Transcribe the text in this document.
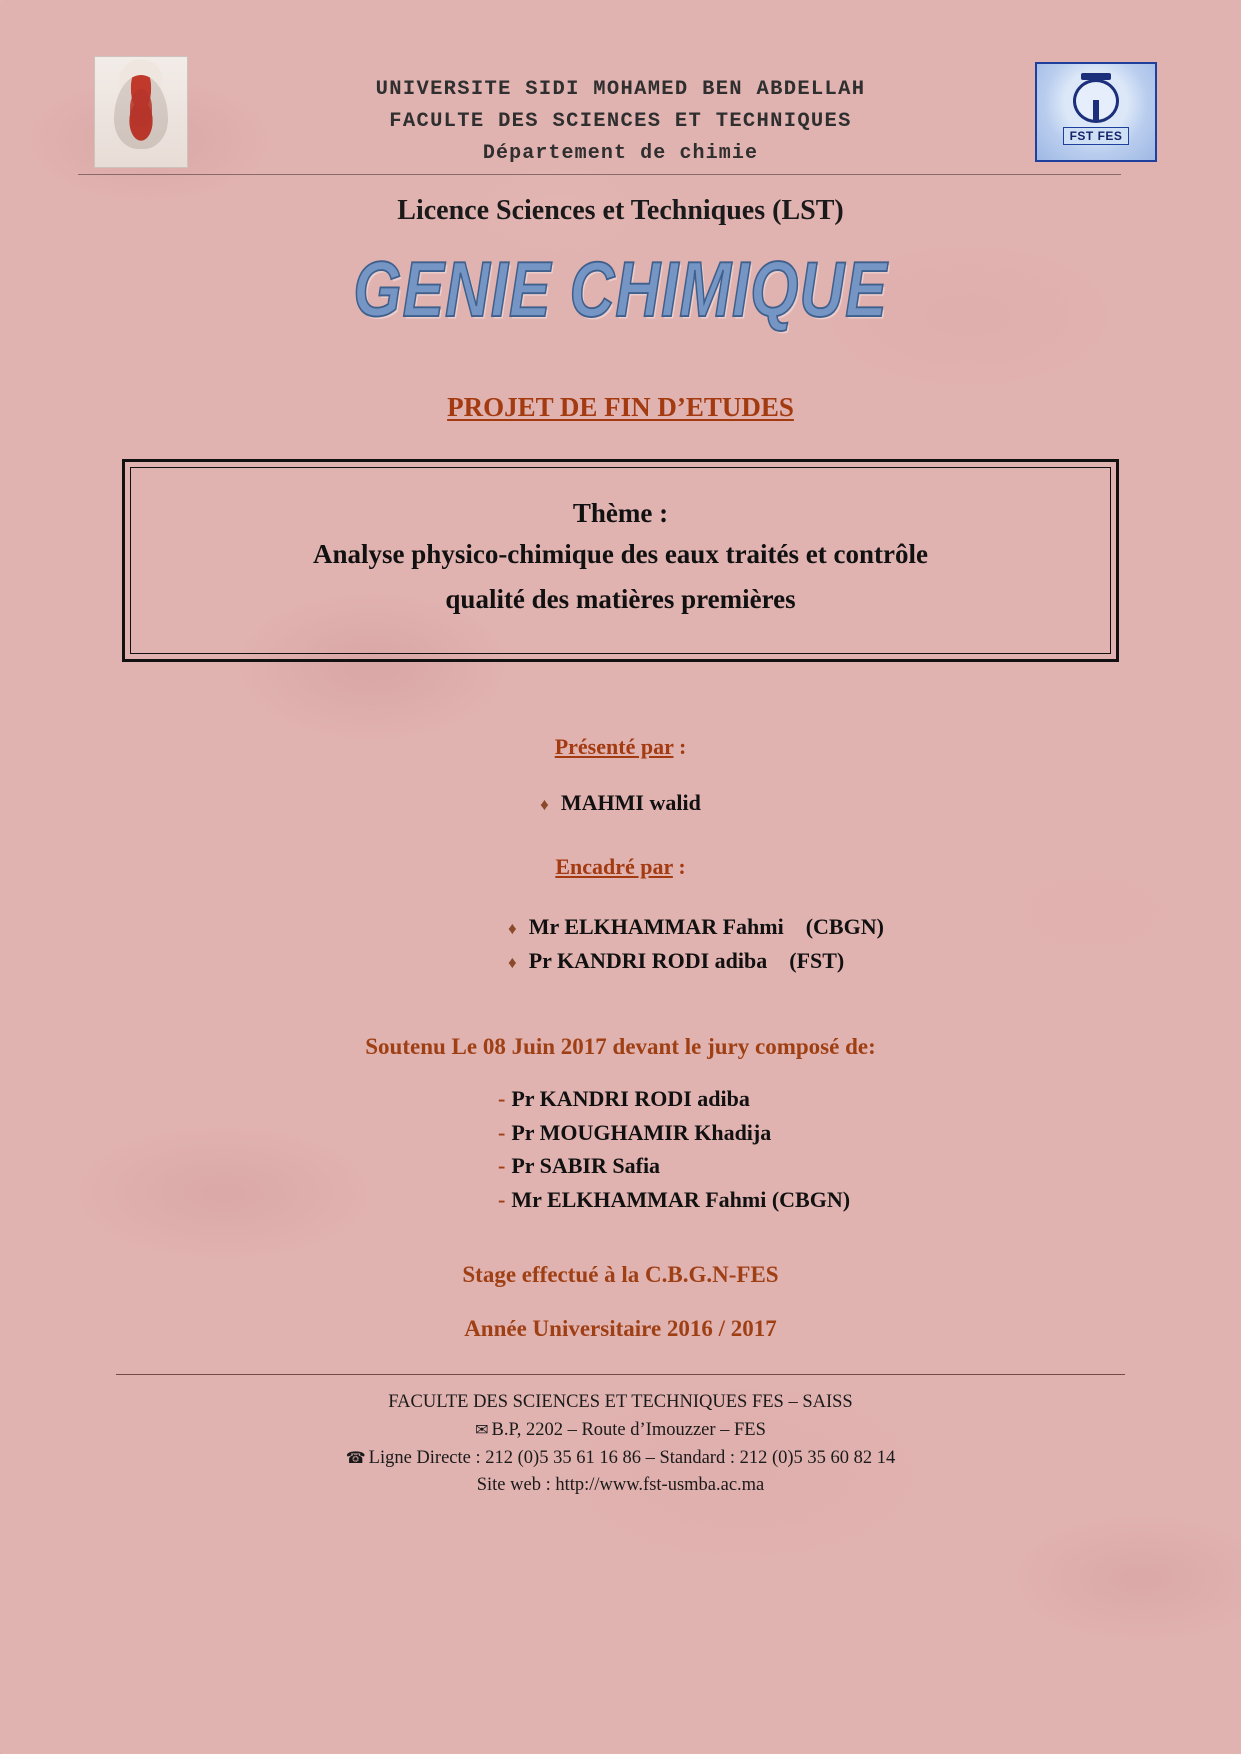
UNIVERSITE SIDI MOHAMED BEN ABDELLAH
FACULTE DES SCIENCES ET TECHNIQUES
Département de chimie
FST FES
Licence Sciences et Techniques (LST)
GENIE CHIMIQUE
PROJET DE FIN D’ETUDES
Thème :
Analyse physico-chimique des eaux traités et contrôle
qualité des matières premières
Présenté par :
♦ MAHMI walid
Encadré par :
♦ Mr ELKHAMMAR Fahmi (CBGN)
♦ Pr KANDRI RODI adiba (FST)
Soutenu Le 08 Juin 2017 devant le jury composé de:
- Pr KANDRI RODI adiba
- Pr MOUGHAMIR Khadija
- Pr SABIR Safia
- Mr ELKHAMMAR Fahmi (CBGN)
Stage effectué à la C.B.G.N-FES
Année Universitaire 2016 / 2017
FACULTE DES SCIENCES ET TECHNIQUES FES – SAISS
✉ B.P, 2202 – Route d’Imouzzer – FES
☎ Ligne Directe : 212 (0)5 35 61 16 86 – Standard : 212 (0)5 35 60 82 14
Site web : http://www.fst-usmba.ac.ma
